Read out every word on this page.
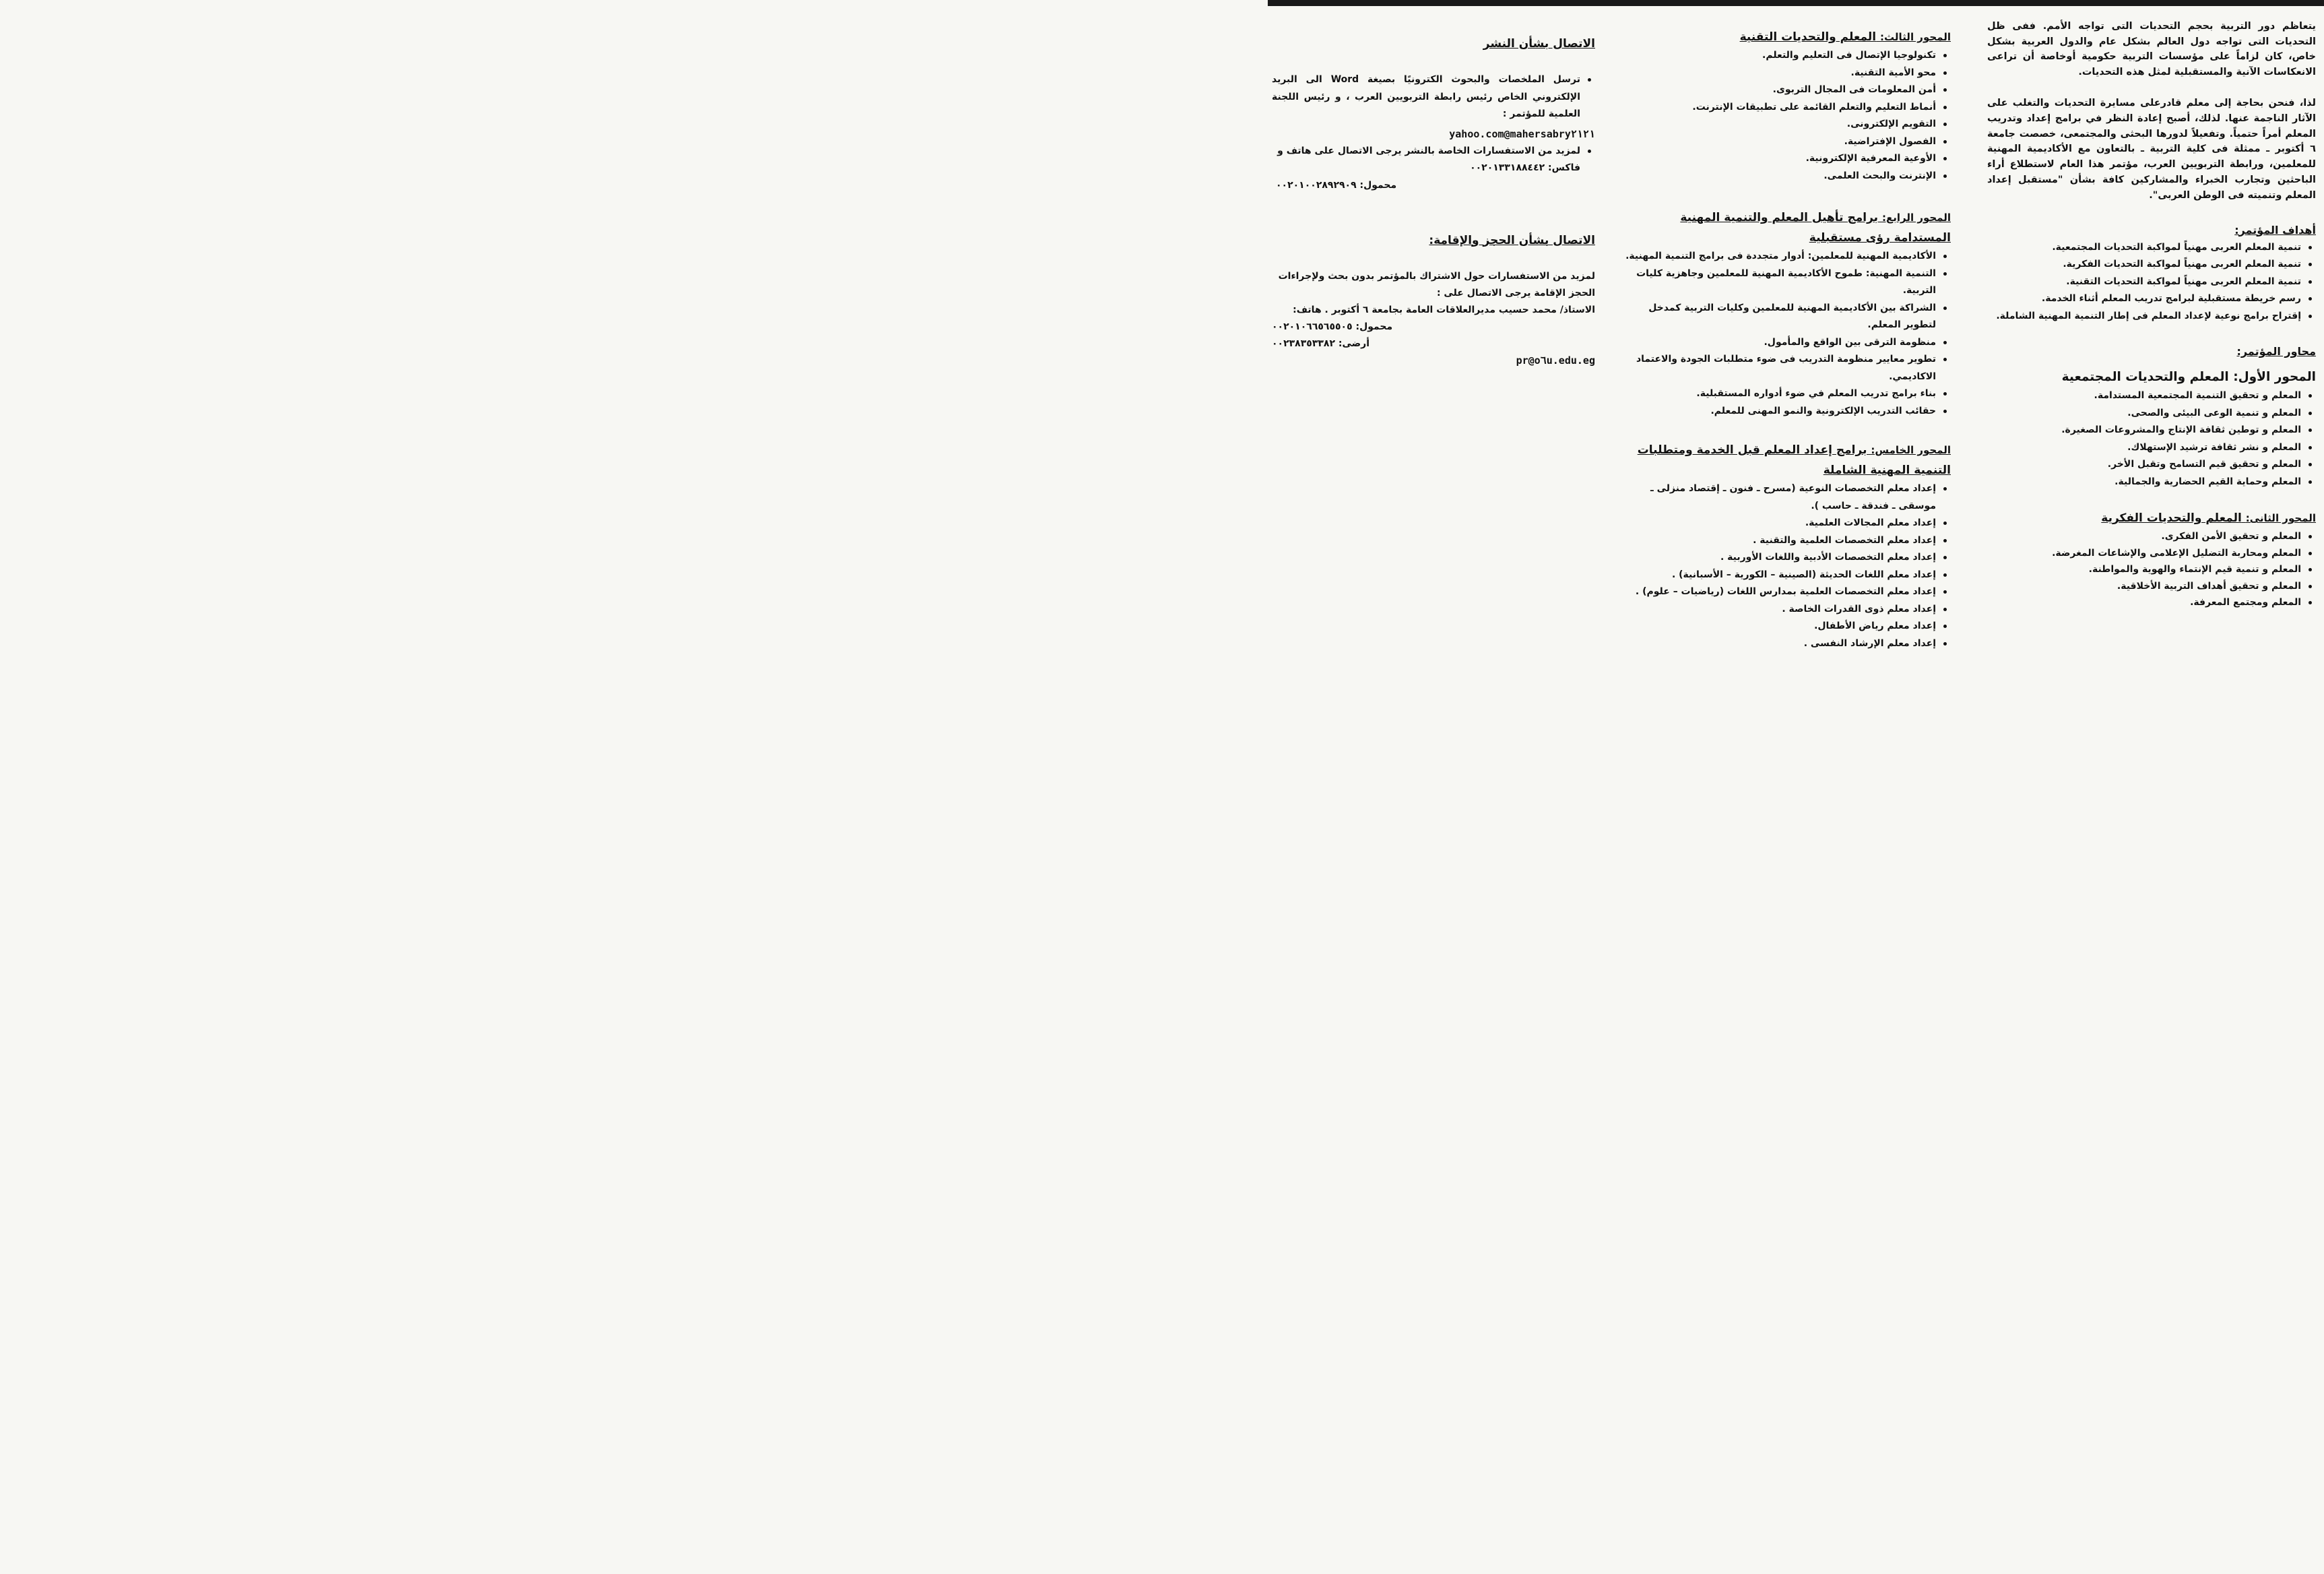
يتعاظم دور التربية بحجم التحديات التى تواجه الأمم. ففى ظل التحديات التى تواجه دول العالم بشكل عام والدول العربية بشكل خاص، كان لزاماً على مؤسسات التربية حكومية أوخاصة أن تراعى الانعكاسات الآنية والمستقبلية لمثل هذه التحديات.

لذا، فنحن بحاجة إلى معلم قادرعلى مسايرة التحديات والتغلب على الآثار الناجمة عنها. لذلك، أصبح إعادة النظر في برامج إعداد وتدريب المعلم أمراً حتمياً. وتفعيلاً لدورها البحثى والمجتمعى، خصصت جامعة ٦ أكتوبر ـ ممثلة فى كلية التربية ـ بالتعاون مع الأكاديمية المهنية للمعلمين، ورابطة التربويين العرب، مؤتمر هذا العام لاستطلاع أراء الباحثين وتجارب الخبراء والمشاركين كافة بشأن "مستقبل إعداد المعلم وتنميته فى الوطن العربى".

أهداف المؤتمر:

تنمية المعلم العربى مهنياً لمواكبة التحديات المجتمعية.
تنمية المعلم العربى مهنياً لمواكبة التحديات الفكرية.
تنمية المعلم العربى مهنياً لمواكبة التحديات التقنية.
رسم خريطة مستقبلية لبرامج تدريب المعلم أثناء الخدمة.
إقتراح برامج نوعية لإعداد المعلم فى إطار التنمية المهنية الشاملة.

محاور المؤتمر:

المحور الأول: المعلم والتحديات المجتمعية

المعلم و تحقيق التنمية المجتمعية المستدامة.
المعلم و تنمية الوعى البيئى والصحى.
المعلم و توطين ثقافة الإنتاج والمشروعات الصغيرة.
المعلم و نشر ثقافة ترشيد الإستهلاك.
المعلم و تحقيق قيم التسامح وتقبل الأخر.
المعلم وحماية القيم الحضارية والجمالية.

المحور الثانى: المعلم والتحديات الفكرية

المعلم و تحقيق الأمن الفكرى.
المعلم ومحاربة التضليل الإعلامى والإشاعات المغرضة.
المعلم و تنمية قيم الإنتماء والهوية والمواطنة.
المعلم و تحقيق أهداف التربية الأخلاقية.
المعلم ومجتمع المعرفة.

المحور الثالث: المعلم والتحديات التقنية

تكنولوجيا الإتصال فى التعليم والتعلم.
محو الأمية التقنية.
أمن المعلومات فى المجال التربوى.
أنماط التعليم والتعلم القائمة على تطبيقات الإنترنت.
التقويم الإلكترونى.
الفصول الإفتراضية.
الأوعية المعرفية الإلكترونية.
الإنترنت والبحث العلمى.

المحور الرابع: برامج تأهيل المعلم والتنمية المهنية

المستدامة رؤى مستقبلية

الأكاديمية المهنية للمعلمين: أدوار متجددة فى برامج التنمية المهنية.
التنمية المهنية: طموح الأكاديمية المهنية للمعلمين وجاهزية كليات التربية.
الشراكة بين الأكاديمية المهنية للمعلمين وكليات التربية كمدخل لتطوير المعلم.
منظومة الترقى بين الواقع والمأمول.
تطوير معايير منظومة التدريب فى ضوء متطلبات الجودة والاعتماد الاكاديمي.
بناء برامج تدريب المعلم في ضوء أدواره المستقبلية.
حقائب التدريب الإلكترونية والنمو المهنى للمعلم.

المحور الخامس: برامج إعداد المعلم قبل الخدمة ومتطلبات

التنمية المهنية الشاملة

إعداد معلم التخصصات النوعية (مسرح ـ فنون ـ إقتصاد منزلى ـ موسقى ـ فندقة ـ حاسب ).
إعداد معلم المجالات العلمية.
إعداد معلم التخصصات العلمية والتقنية .
إعداد معلم التخصصات الأدبية واللغات الأوربية .
إعداد معلم اللغات الحديثة (الصينية – الكورية – الأسبانية) .
إعداد معلم التخصصات العلمية بمدارس اللغات (رياضيات – علوم) .
إعداد معلم ذوى القدرات الخاصة .
إعداد معلم رياض الأطفال.
إعداد معلم الإرشاد النفسى .

الاتصال بشأن النشر

ترسل الملخصات والبحوث الكترونيًا بصيغة Word الى البريد الإلكتروني الخاص رئيس رابطة التربويين العرب ، و رئيس اللجنة العلمية للمؤتمر :

yahoo.com@mahersabry٢١٢١

لمزيد من الاستفسارات الخاصة بالنشر يرجى الاتصال على هاتف و فاكس: ٠٠٢٠١٣٣١٨٨٤٤٢

محمول: ٠٠٢٠١٠٠٢٨٩٢٩٠٩

الاتصال بشأن الحجز والإقامة:

لمزيد من الاستفسارات حول الاشتراك بالمؤتمر بدون بحث ولإجراءات الحجز الإقامة يرجى الاتصال على :

الاستاذ/ محمد حسيب مديرالعلاقات العامة بجامعة ٦ أكتوبر . هاتف:

محمول: ٠٠٢٠١٠٦٦٥٦٥٥٠٥

أرضى: ٠٠٢٣٨٣٥٣٣٨٢

pr@o٦u.edu.eg
